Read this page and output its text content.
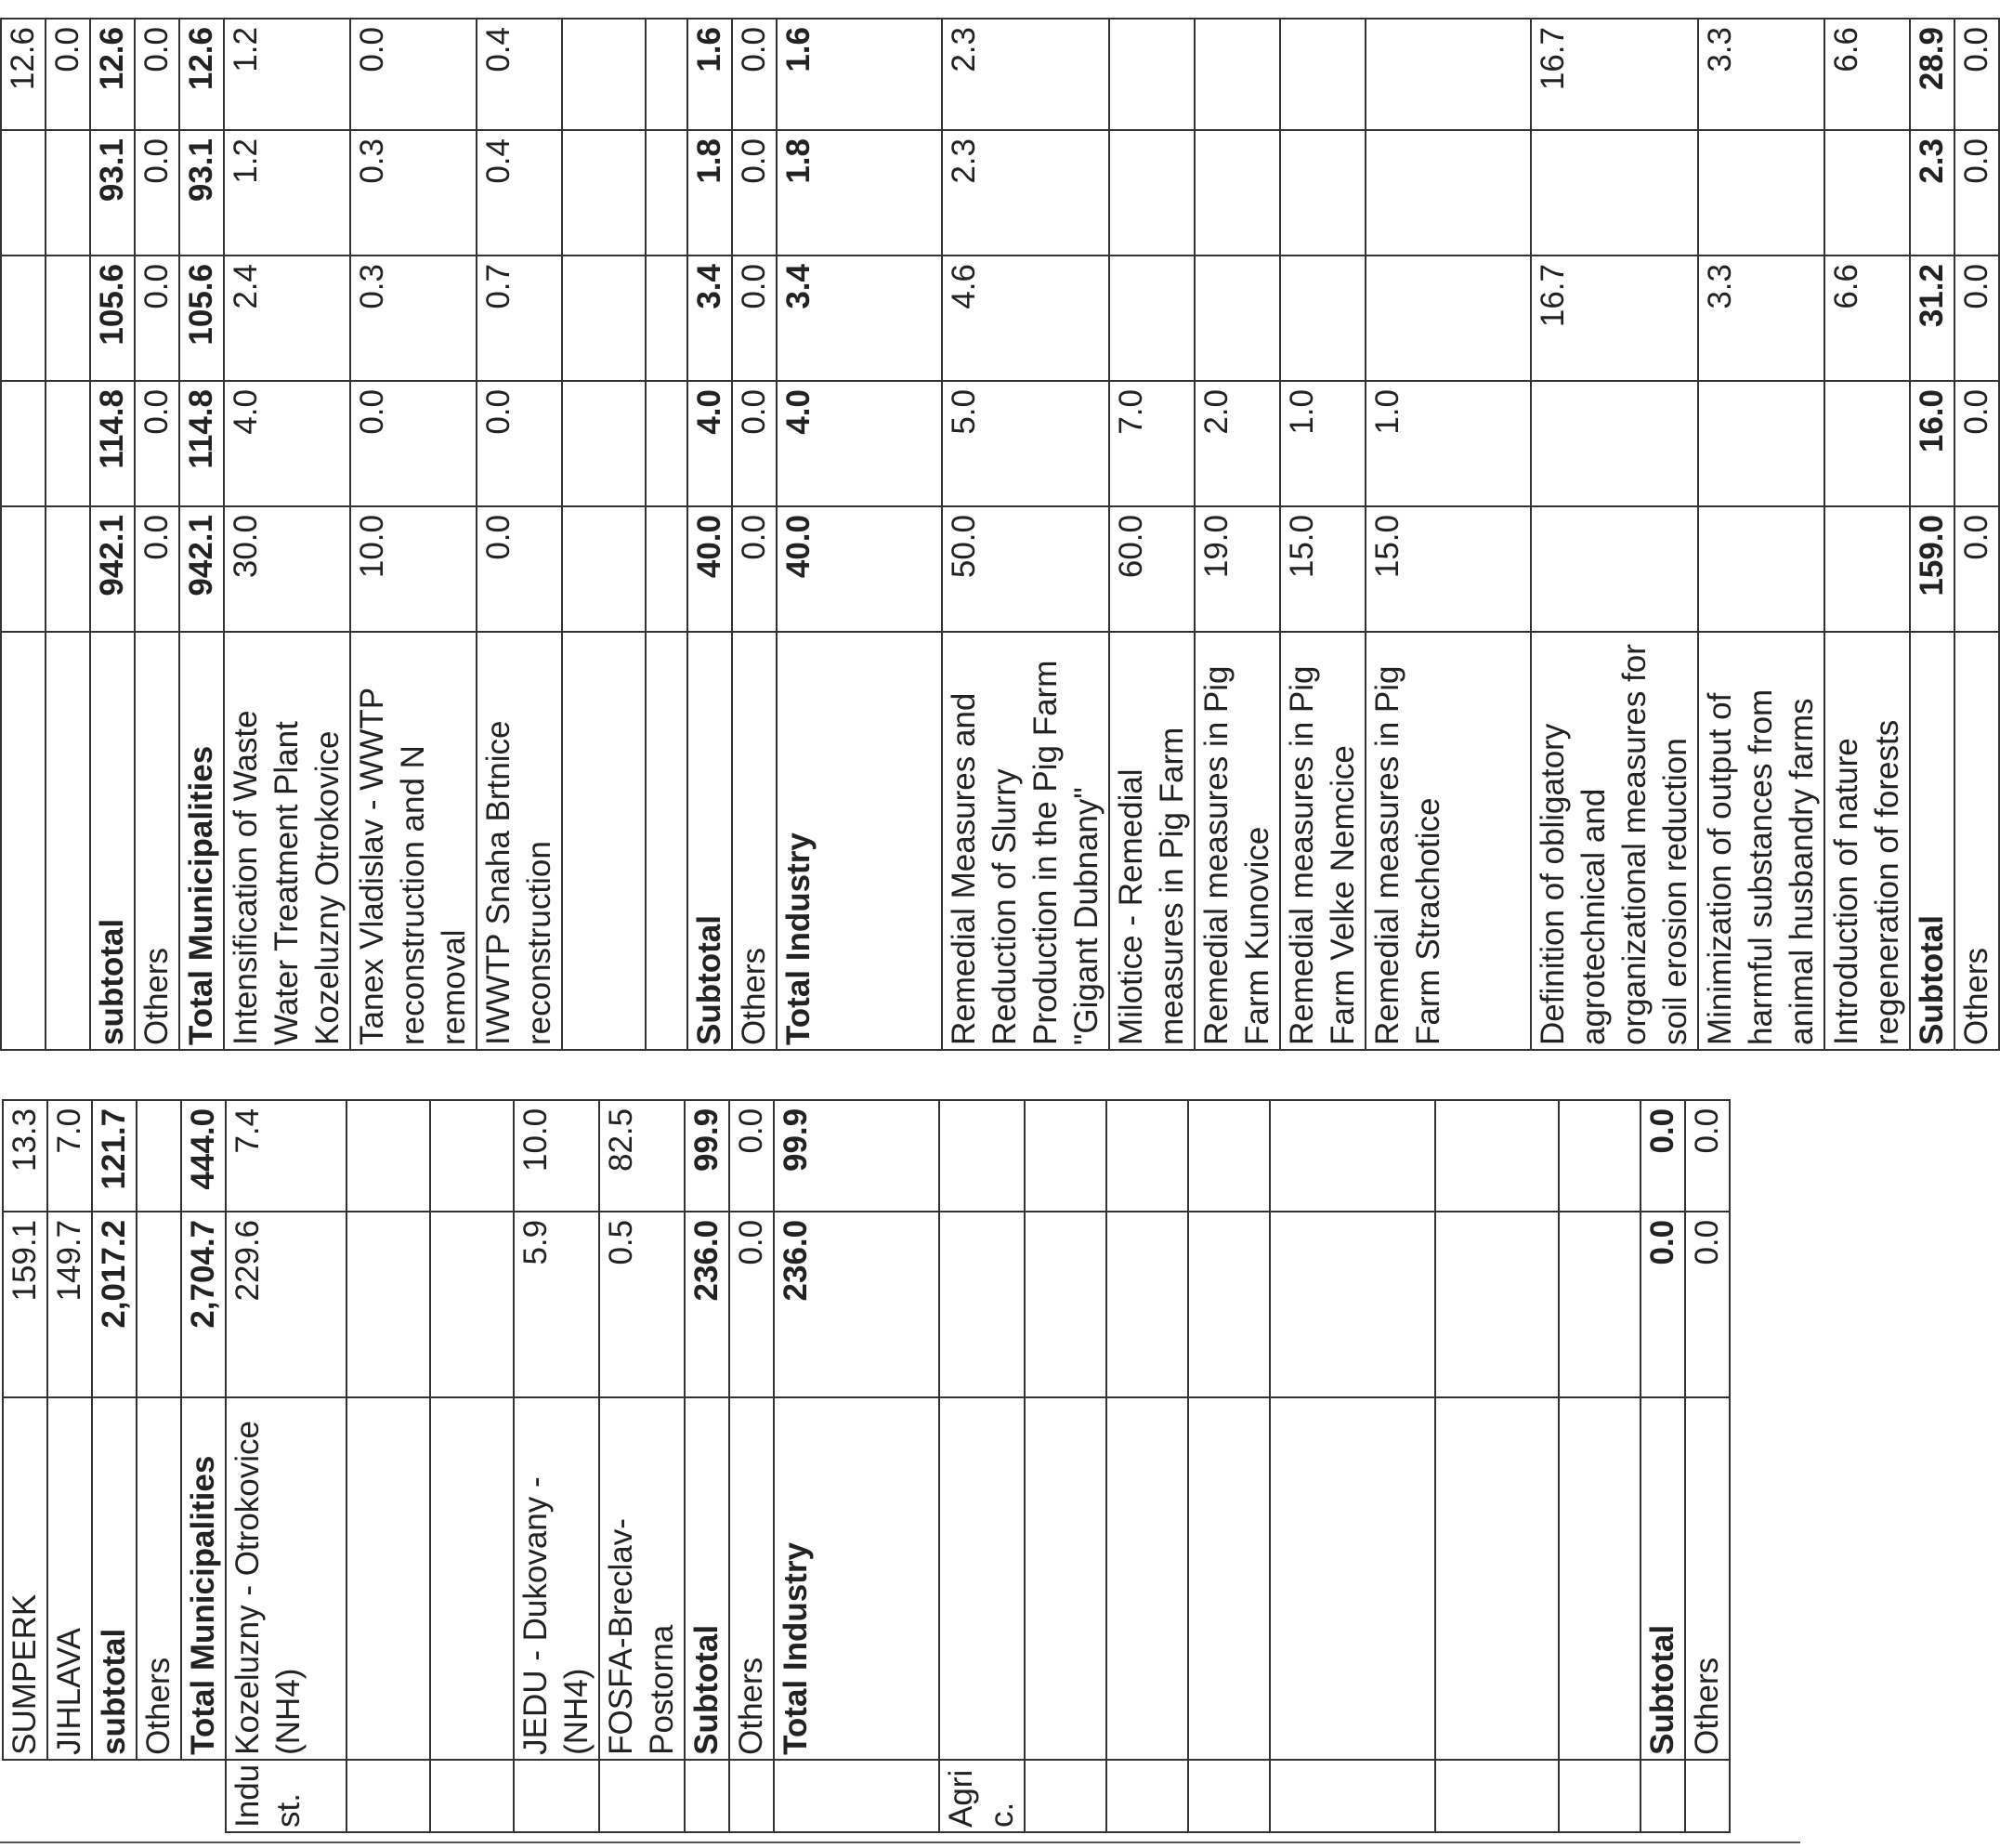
	SUMPERK	159.1	13.3
	JIHLAVA	149.7	7.0
	subtotal	2,017.2	121.7
	Others		
	Total Municipalities	2,704.7	444.0
Indu st.	Kozeluzny - Otrokovice (NH4)	229.6	7.4

	JEDU - Dukovany - (NH4)	5.9	10.0
	FOSFA-Breclav-Postorna	0.5	82.5
	Subtotal	236.0	99.9
	Others	0.0	0.0
	Total Industry	236.0	99.9
Agri c.			

	Subtotal	0.0	0.0
	Others	0.0	0.0
					12.6
					0.0
subtotal	942.1	114.8	105.6	93.1	12.6
Others	0.0	0.0	0.0	0.0	0.0
Total Municipalities	942.1	114.8	105.6	93.1	12.6
Intensification of Waste Water Treatment Plant Kozeluzny Otrokovice	30.0	4.0	2.4	1.2	1.2
Tanex Vladislav - WWTP reconstruction and N removal	10.0	0.0	0.3	0.3	0.0
IWWTP Snaha Brtnice reconstruction	0.0	0.0	0.7	0.4	0.4

Subtotal	40.0	4.0	3.4	1.8	1.6
Others	0.0	0.0	0.0	0.0	0.0
Total Industry	40.0	4.0	3.4	1.8	1.6
Remedial Measures and Reduction of Slurry Production in the Pig Farm "Gigant Dubnany"	50.0	5.0	4.6	2.3	2.3
Milotice - Remedial measures in Pig Farm	60.0	7.0			
Remedial measures in Pig Farm Kunovice	19.0	2.0			
Remedial measures in Pig Farm Velke Nemcice	15.0	1.0			
Remedial measures in Pig Farm Strachotice	15.0	1.0			
Definition of obligatory agrotechnical and organizational measures for soil erosion reduction			16.7		16.7
Minimization of output of harmful substances from animal husbandry farms			3.3		3.3
Introduction of nature regeneration of forests			6.6		6.6
Subtotal	159.0	16.0	31.2	2.3	28.9
Others	0.0	0.0	0.0	0.0	0.0
